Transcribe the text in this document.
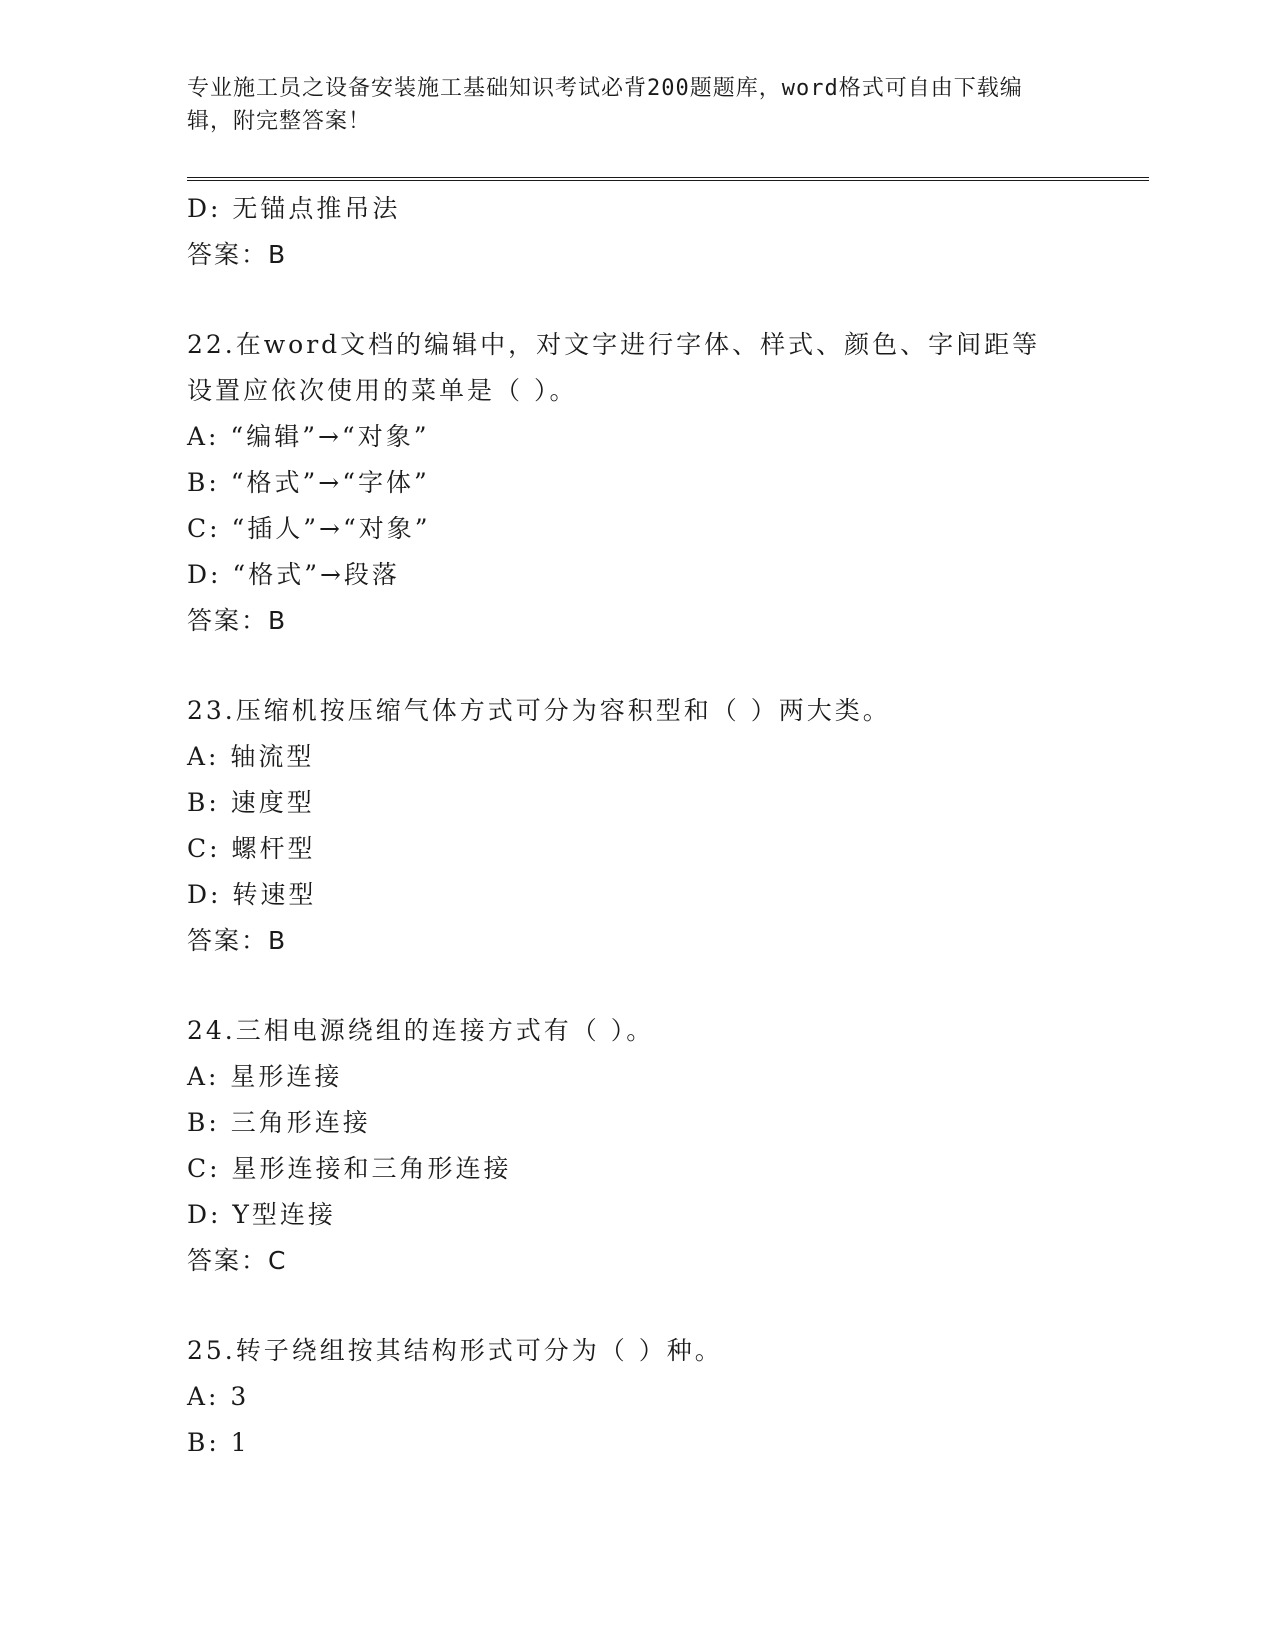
专业施工员之设备安装施工基础知识考试必背200题题库，word格式可自由下载编辑，附完整答案！
D: 无锚点推吊法
答案：B
22.在word文档的编辑中，对文字进行字体、样式、颜色、字间距等设置应依次使用的菜单是（ ）。
A: “编辑”→“对象”
B: “格式”→“字体”
C: “插人”→“对象”
D: “格式”→段落
答案：B
23.压缩机按压缩气体方式可分为容积型和（ ）两大类。
A: 轴流型
B: 速度型
C: 螺杆型
D: 转速型
答案：B
24.三相电源绕组的连接方式有（ ）。
A: 星形连接
B: 三角形连接
C: 星形连接和三角形连接
D: Y型连接
答案：C
25.转子绕组按其结构形式可分为（ ）种。
A: 3
B: 1
